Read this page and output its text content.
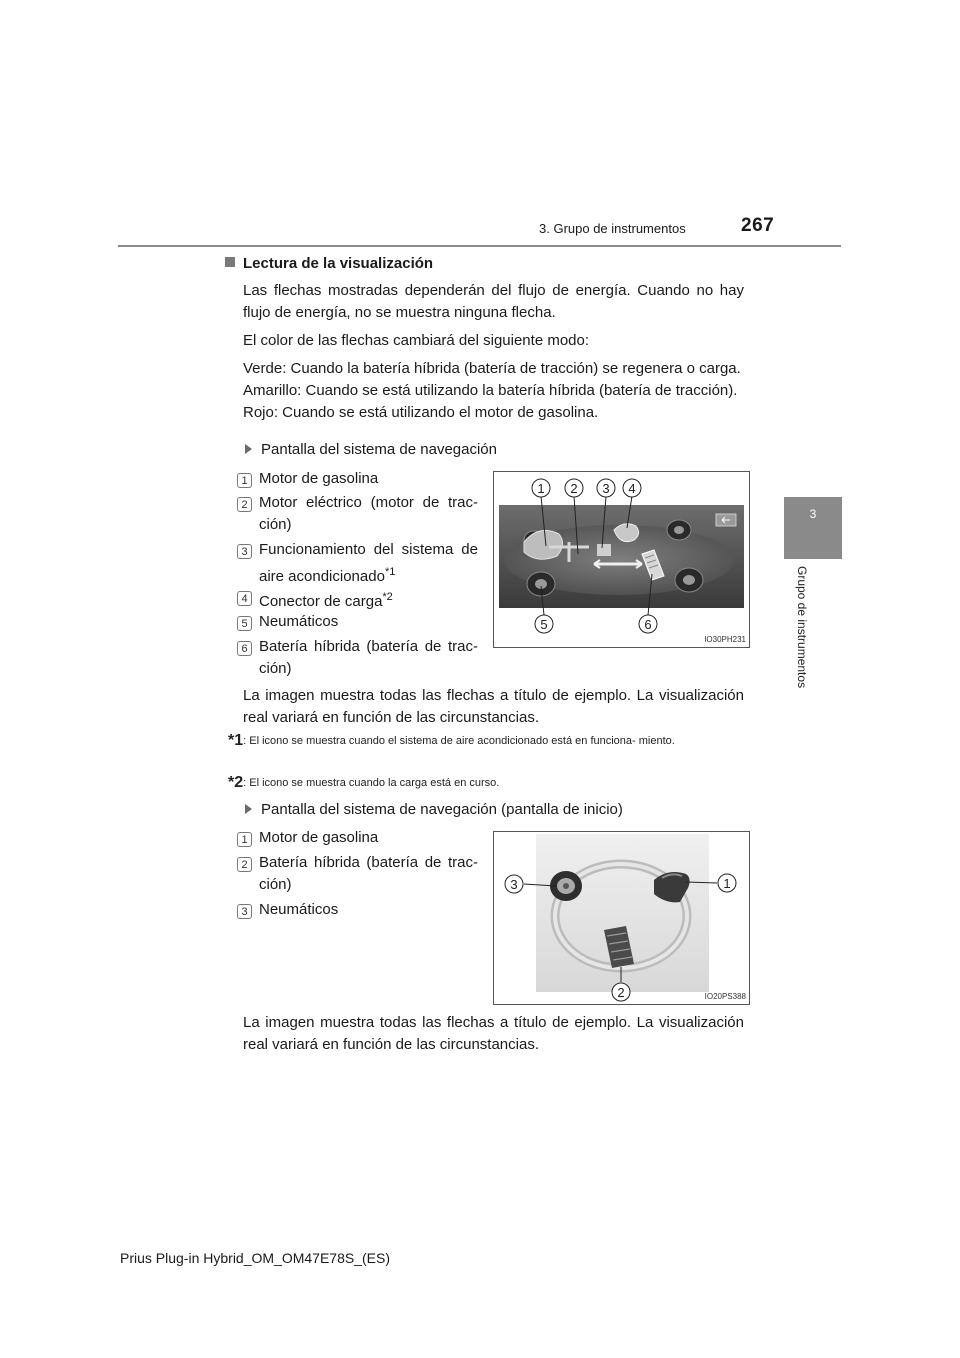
3. Grupo de instrumentos	267
3
Grupo de instrumentos
Lectura de la visualización

Las flechas mostradas dependerán del flujo de energía. Cuando no hay flujo de energía, no se muestra ninguna flecha.

El color de las flechas cambiará del siguiente modo:

Verde: Cuando la batería híbrida (batería de tracción) se regenera o carga.

Amarillo: Cuando se está utilizando la batería híbrida (batería de tracción).

Rojo: Cuando se está utilizando el motor de gasolina.

Pantalla del sistema de navegación
1 Motor de gasolina
2 Motor eléctrico (motor de trac- ción)
3 Funcionamiento del sistema de aire acondicionado$^{*1}$
4 Conector de carga$^{*2}$
5 Neumáticos
6 Batería híbrida (batería de trac- ción)
1 2 3 4
5	6
IO30PH231

La imagen muestra todas las flechas a título de ejemplo. La visualización real variará en función de las circunstancias.

*1: El icono se muestra cuando el sistema de aire acondicionado está en funciona- miento.
*2: El icono se muestra cuando la carga está en curso.
Pantalla del sistema de navegación (pantalla de inicio)
1 Motor de gasolina
2 Batería híbrida (batería de trac- ción)
3 Neumáticos
3	1
2	IO20PS388

La imagen muestra todas las flechas a título de ejemplo. La visualización real variará en función de las circunstancias.

Prius Plug-in Hybrid_OM_OM47E78S_(ES)
